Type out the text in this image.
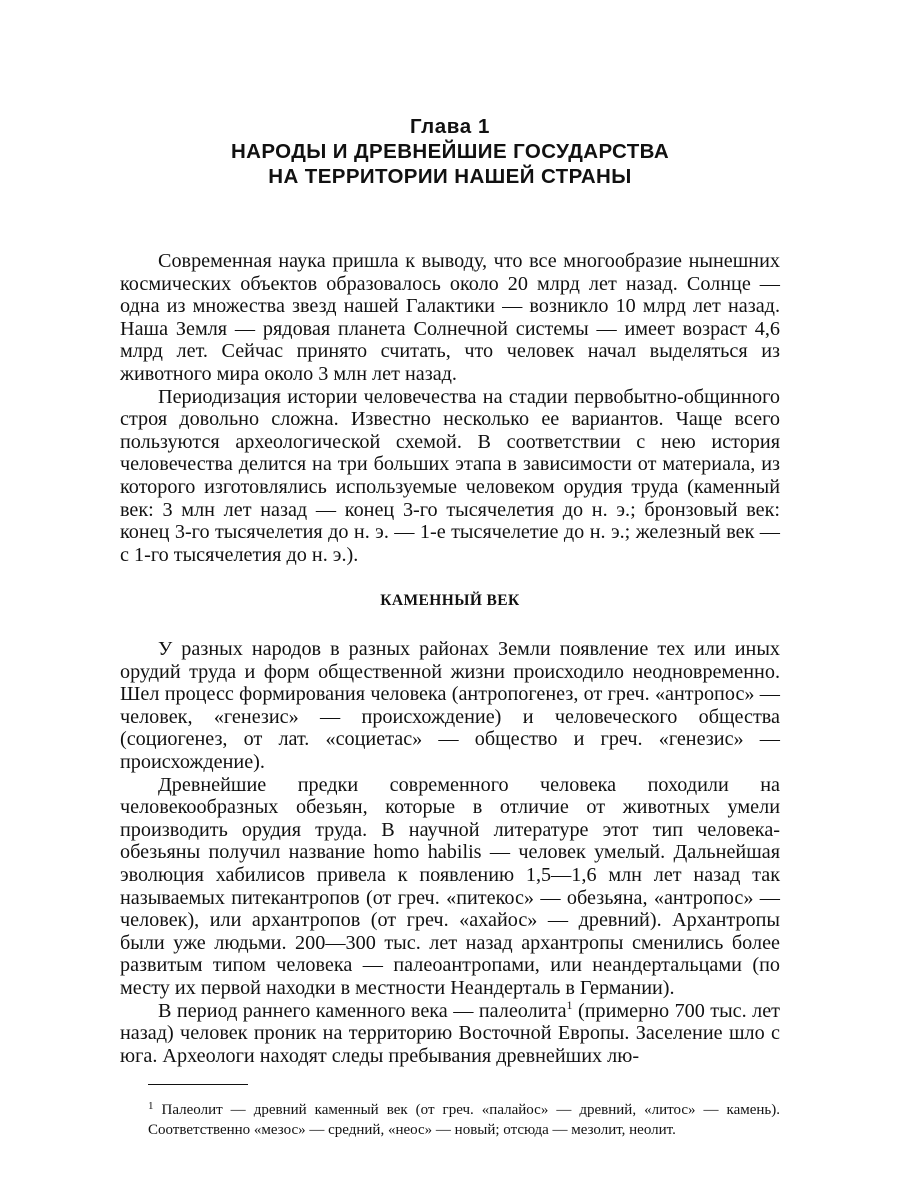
Глава 1
НАРОДЫ И ДРЕВНЕЙШИЕ ГОСУДАРСТВА
НА ТЕРРИТОРИИ НАШЕЙ СТРАНЫ

Современная наука пришла к выводу, что все многообразие нынешних космических объектов образовалось около 20 млрд лет назад. Солнце — одна из множества звезд нашей Галактики — возникло 10 млрд лет назад. Наша Земля — рядовая планета Солнечной системы — имеет возраст 4,6 млрд лет. Сейчас принято считать, что человек начал выделяться из животного мира около 3 млн лет назад.

Периодизация истории человечества на стадии первобытно-общинного строя довольно сложна. Известно несколько ее вариантов. Чаще всего пользуются археологической схемой. В соответствии с нею история человечества делится на три больших этапа в зависимости от материала, из которого изготовлялись используемые человеком орудия труда (каменный век: 3 млн лет назад — конец 3-го тысячелетия до н. э.; бронзовый век: конец 3-го тысячелетия до н. э. — 1-е тысячелетие до н. э.; железный век — с 1-го тысячелетия до н. э.).

КАМЕННЫЙ ВЕК

У разных народов в разных районах Земли появление тех или иных орудий труда и форм общественной жизни происходило неодновременно. Шел процесс формирования человека (антропогенез, от греч. «антропос» — человек, «генезис» — происхождение) и человеческого общества (социогенез, от лат. «социетас» — общество и греч. «генезис» — происхождение).

Древнейшие предки современного человека походили на человекообразных обезьян, которые в отличие от животных умели производить орудия труда. В научной литературе этот тип человека-обезьяны получил название homo habilis — человек умелый. Дальнейшая эволюция хабилисов привела к появлению 1,5—1,6 млн лет назад так называемых питекантропов (от греч. «питекос» — обезьяна, «антропос» — человек), или архантропов (от греч. «ахайос» — древний). Архантропы были уже людьми. 200—300 тыс. лет назад архантропы сменились более развитым типом человека — палеоантропами, или неандертальцами (по месту их первой находки в местности Неандерталь в Германии).

В период раннего каменного века — палеолита$^1$ (примерно 700 тыс. лет назад) человек проник на территорию Восточной Европы. Заселение шло с юга. Археологи находят следы пребывания древнейших лю-

$^1$ Палеолит — древний каменный век (от греч. «палайос» — древний, «литос» — камень). Соответственно «мезос» — средний, «неос» — новый; отсюда — мезолит, неолит.
